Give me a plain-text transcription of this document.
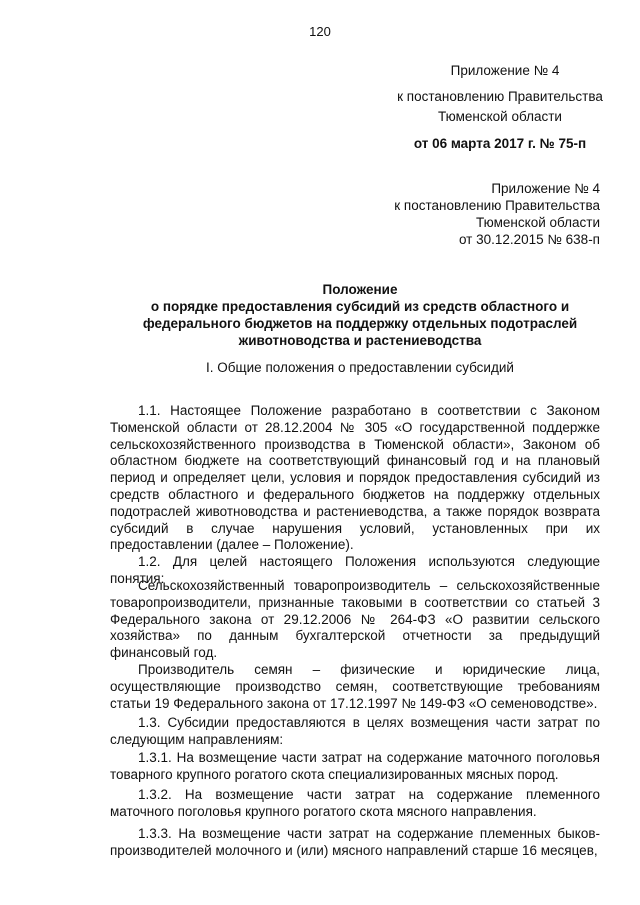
120
Приложение № 4
к постановлению Правительства
Тюменской области
от 06 марта 2017 г. № 75-п
Приложение № 4
к постановлению Правительства
Тюменской области
от 30.12.2015 № 638-п
Положение
о порядке предоставления субсидий из средств областного и
федерального бюджетов на поддержку отдельных подотраслей
животноводства и растениеводства
I. Общие положения о предоставлении субсидий

1.1. Настоящее Положение разработано в соответствии с Законом Тюменской области от 28.12.2004 № 305 «О государственной поддержке сельскохозяйственного производства в Тюменской области», Законом об областном бюджете на соответствующий финансовый год и на плановый период и определяет цели, условия и порядок предоставления субсидий из средств областного и федерального бюджетов на поддержку отдельных подотраслей животноводства и растениеводства, а также порядок возврата субсидий в случае нарушения условий, установленных при их предоставлении (далее – Положение).

1.2. Для целей настоящего Положения используются следующие понятия:

Сельскохозяйственный товаропроизводитель – сельскохозяйственные товаропроизводители, признанные таковыми в соответствии со статьей 3 Федерального закона от 29.12.2006 № 264-ФЗ «О развитии сельского хозяйства» по данным бухгалтерской отчетности за предыдущий финансовый год.

Производитель семян – физические и юридические лица, осуществляющие производство семян, соответствующие требованиям статьи 19 Федерального закона от 17.12.1997 № 149-ФЗ «О семеноводстве».

1.3. Субсидии предоставляются в целях возмещения части затрат по следующим направлениям:

1.3.1. На возмещение части затрат на содержание маточного поголовья товарного крупного рогатого скота специализированных мясных пород.

1.3.2. На возмещение части затрат на содержание племенного маточного поголовья крупного рогатого скота мясного направления.

1.3.3. На возмещение части затрат на содержание племенных быков-производителей молочного и (или) мясного направлений старше 16 месяцев,
